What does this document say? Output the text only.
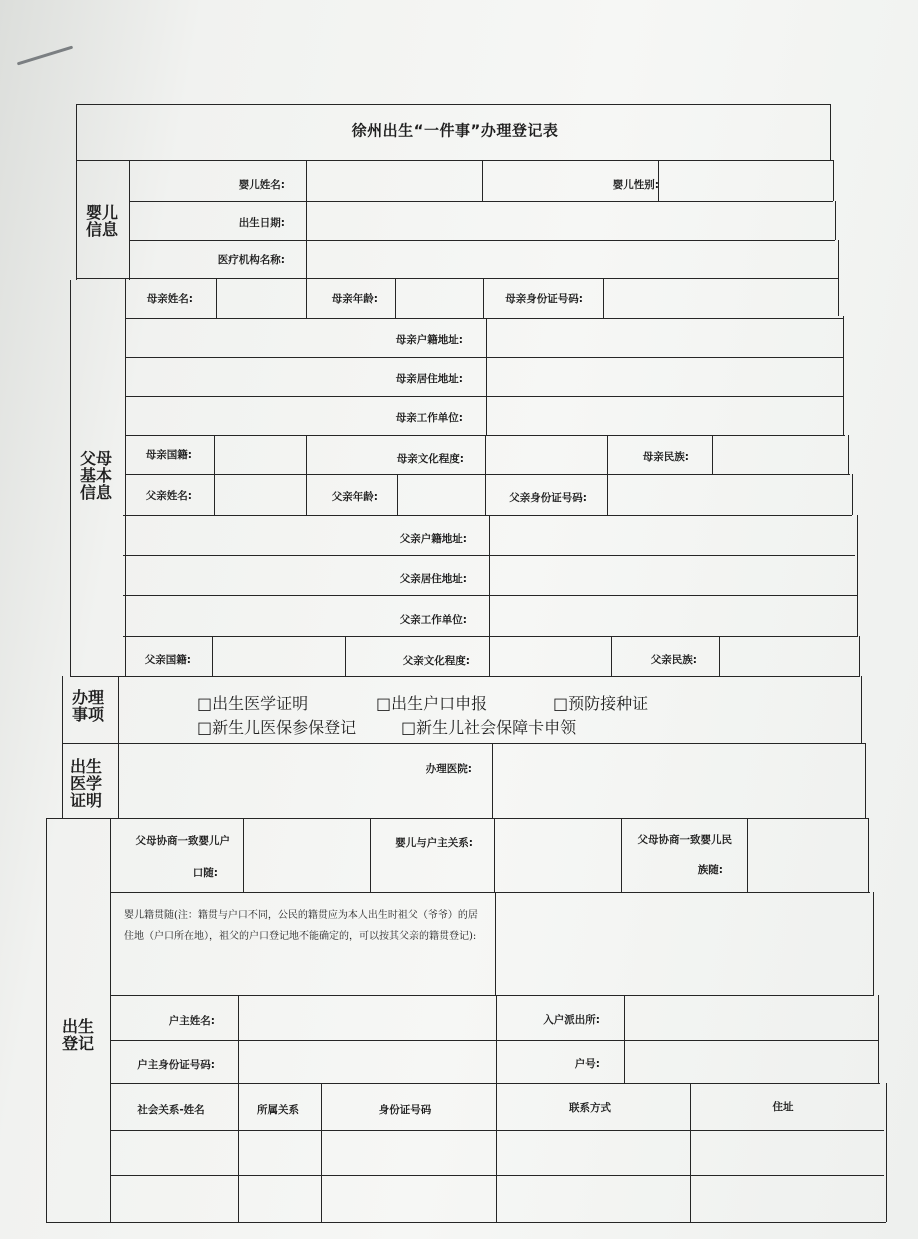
徐州出生“一件事”办理登记表
婴儿
信息
父母
基本
信息
办理
事项
出生
医学
证明
出生
登记
婴儿姓名:	婴儿性别:
出生日期:
医疗机构名称:
母亲姓名:	母亲年龄:	母亲身份证号码:
母亲户籍地址:
母亲居住地址:
母亲工作单位:
母亲国籍:	母亲文化程度:	母亲民族:
父亲姓名:	父亲年龄:	父亲身份证号码:
父亲户籍地址:
父亲居住地址:
父亲工作单位:
父亲国籍:	父亲文化程度:	父亲民族:
□出生医学证明	□出生户口申报	□预防接种证
□新生儿医保参保登记	□新生儿社会保障卡申领
办理医院:
父母协商一致婴儿户
口随:
婴儿与户主关系:	父母协商一致婴儿民
族随:
婴儿籍贯随(注：籍贯与户口不同，公民的籍贯应为本人出生时祖父（爷爷）的居住地（户口所在地），祖父的户口登记地不能确定的，可以按其父亲的籍贯登记):
户主姓名:	入户派出所:
户主身份证号码:	户号:
社会关系-姓名	所属关系	身份证号码	联系方式	住址
